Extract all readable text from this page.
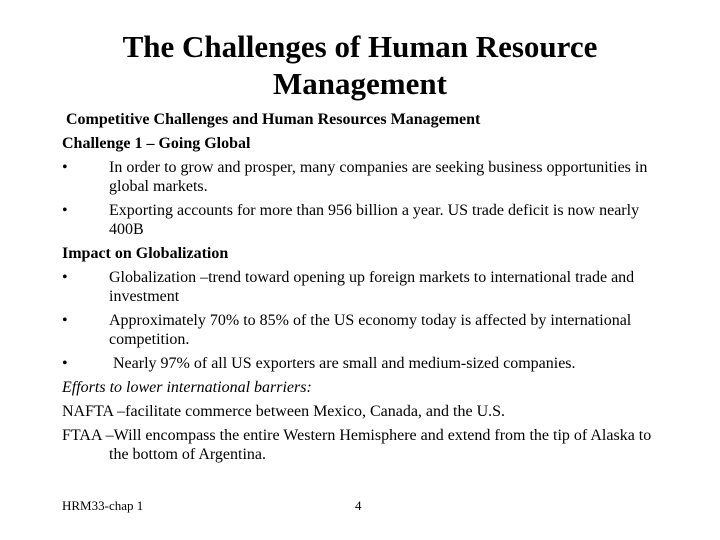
The Challenges of Human Resource Management
Competitive Challenges and Human Resources Management
Challenge 1 – Going Global
•	In order to grow and prosper, many companies are seeking business opportunities in global markets.
•	Exporting accounts for more than 956 billion a year. US trade deficit is now nearly 400B
Impact on Globalization
•	Globalization –trend toward opening up foreign markets to international trade and investment
•	Approximately 70% to 85% of the US economy today is affected by international competition.
•	Nearly 97% of all US exporters are small and medium-sized companies.
Efforts to lower international barriers:
NAFTA –facilitate commerce between Mexico, Canada, and the U.S.
FTAA –Will encompass the entire Western Hemisphere and extend from the tip of Alaska to the bottom of Argentina.
HRM33-chap 1	4
